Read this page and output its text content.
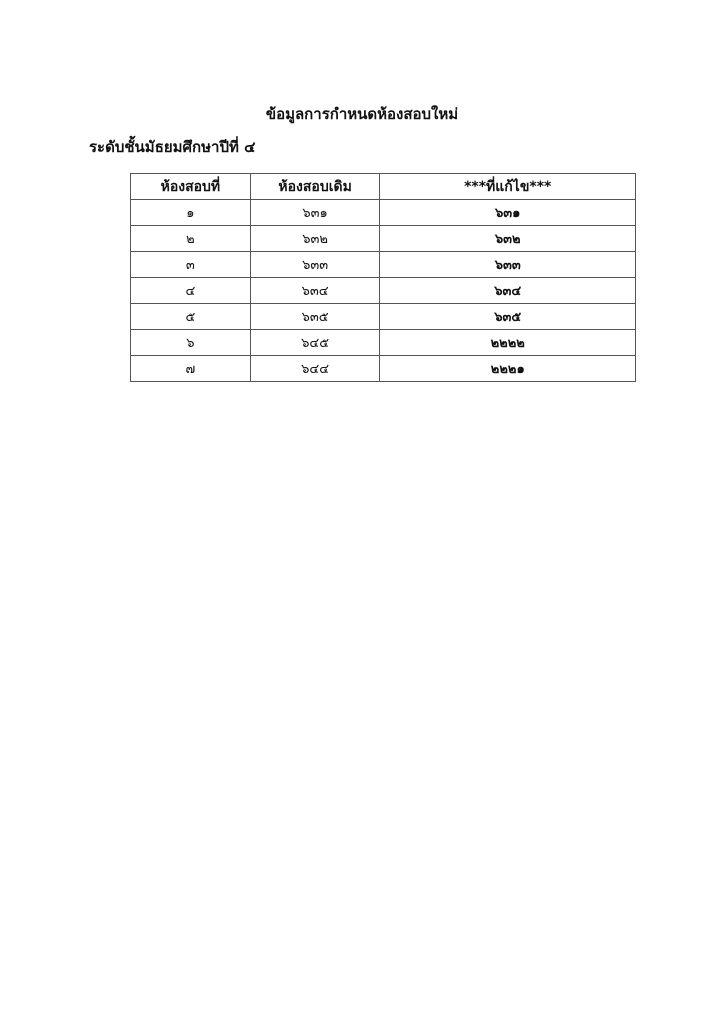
ข้อมูลการกำหนดห้องสอบใหม่
ระดับชั้นมัธยมศึกษาปีที่ ๔
ห้องสอบที่	ห้องสอบเดิม	***ที่แก้ไข***
๑	๖๓๑	๖๓๑
๒	๖๓๒	๖๓๒
๓	๖๓๓	๖๓๓
๔	๖๓๔	๖๓๔
๕	๖๓๕	๖๓๕
๖	๖๔๕	๒๒๒๒
๗	๖๔๔	๒๒๒๑
